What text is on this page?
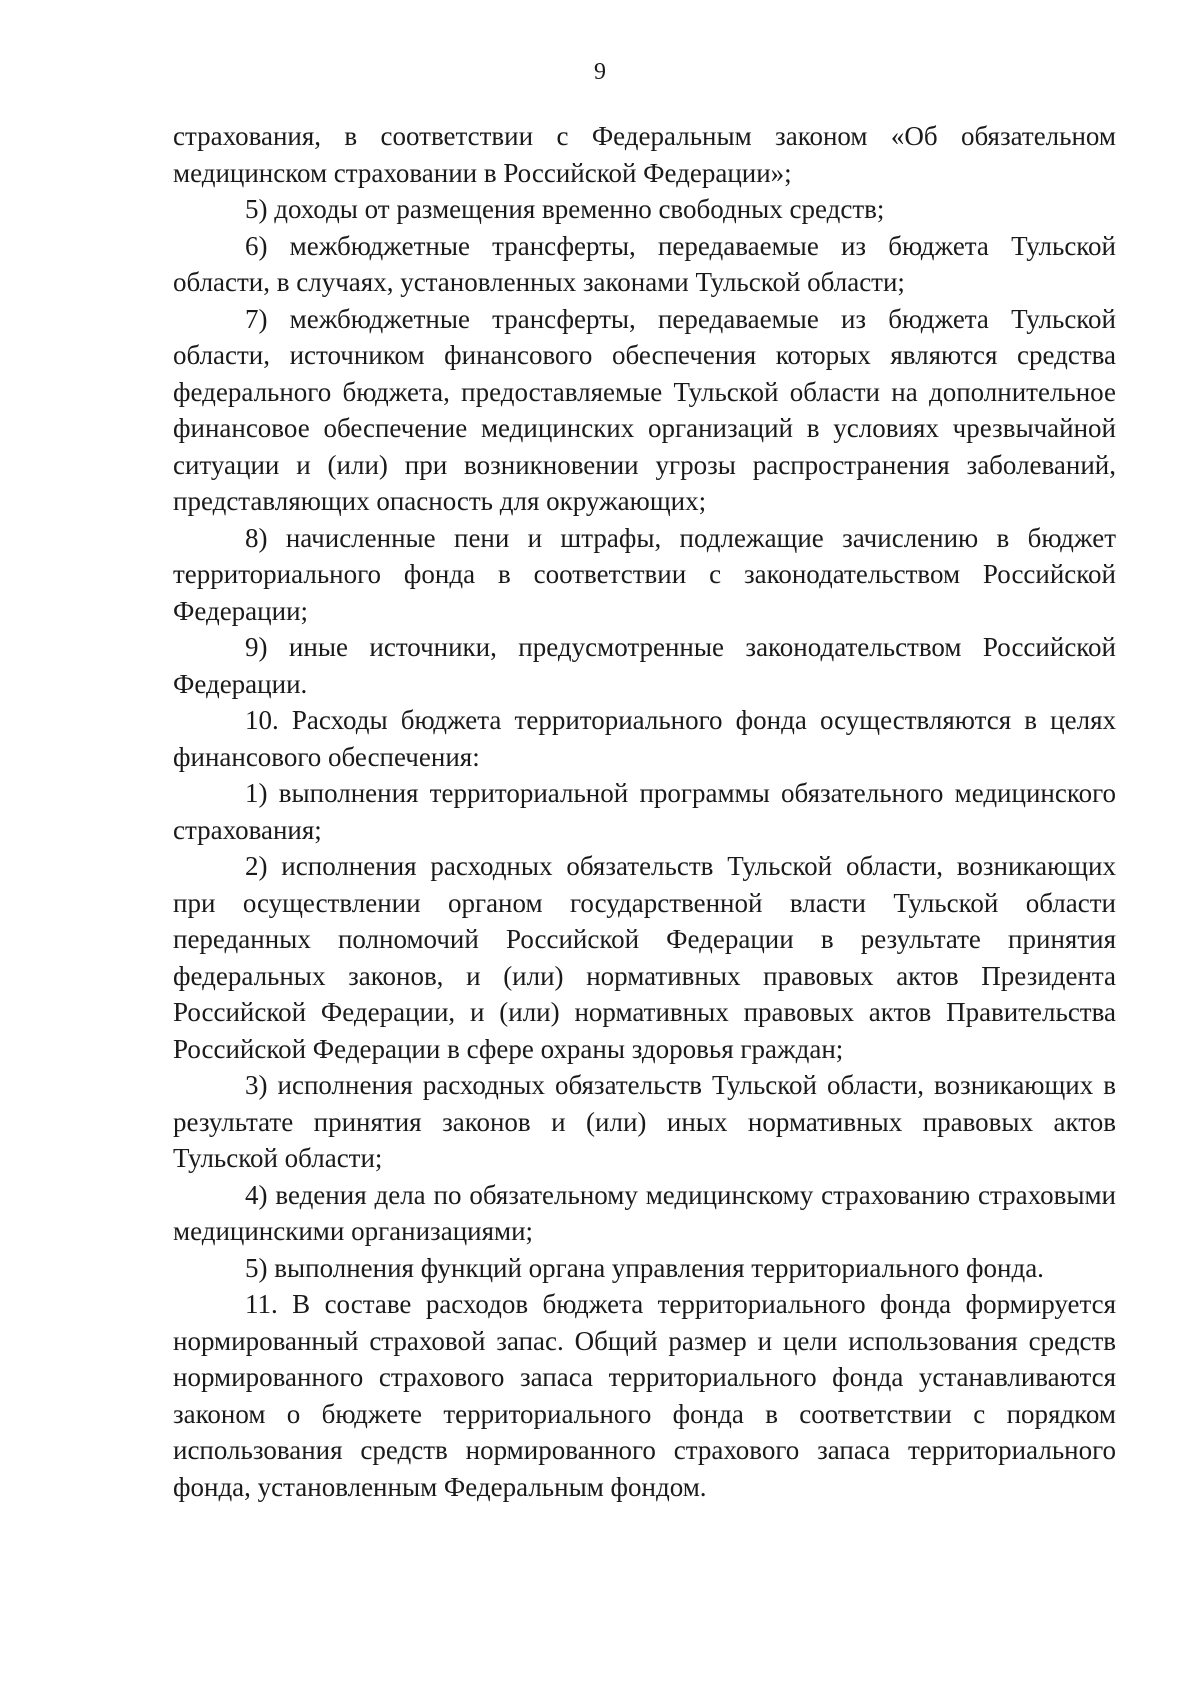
9

страхования, в соответствии с Федеральным законом «Об обязательном медицинском страховании в Российской Федерации»;

5) доходы от размещения временно свободных средств;

6) межбюджетные трансферты, передаваемые из бюджета Тульской области, в случаях, установленных законами Тульской области;

7) межбюджетные трансферты, передаваемые из бюджета Тульской области, источником финансового обеспечения которых являются средства федерального бюджета, предоставляемые Тульской области на дополнительное финансовое обеспечение медицинских организаций в условиях чрезвычайной ситуации и (или) при возникновении угрозы распространения заболеваний, представляющих опасность для окружающих;

8) начисленные пени и штрафы, подлежащие зачислению в бюджет территориального фонда в соответствии с законодательством Российской Федерации;

9) иные источники, предусмотренные законодательством Российской Федерации.

10. Расходы бюджета территориального фонда осуществляются в целях финансового обеспечения:

1) выполнения территориальной программы обязательного медицинского страхования;

2) исполнения расходных обязательств Тульской области, возникающих при осуществлении органом государственной власти Тульской области переданных полномочий Российской Федерации в результате принятия федеральных законов, и (или) нормативных правовых актов Президента Российской Федерации, и (или) нормативных правовых актов Правительства Российской Федерации в сфере охраны здоровья граждан;

3) исполнения расходных обязательств Тульской области, возникающих в результате принятия законов и (или) иных нормативных правовых актов Тульской области;

4) ведения дела по обязательному медицинскому страхованию страховыми медицинскими организациями;

5) выполнения функций органа управления территориального фонда.

11. В составе расходов бюджета территориального фонда формируется нормированный страховой запас. Общий размер и цели использования средств нормированного страхового запаса территориального фонда устанавливаются законом о бюджете территориального фонда в соответствии с порядком использования средств нормированного страхового запаса территориального фонда, установленным Федеральным фондом.
